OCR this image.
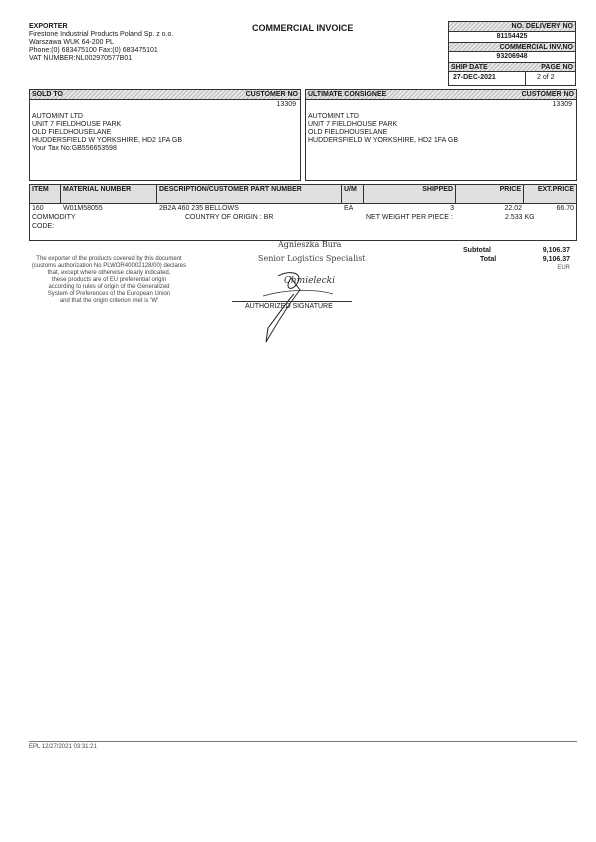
EXPORTER
Firestone Industrial Products Poland Sp. z o.o.
Warszawa WUK 64-200 PL
Phone:(0) 683475100 Fax:(0) 683475101
VAT NUMBER:NL002970577B01
COMMERCIAL INVOICE	NO. DELIVERY NO
81154425
COMMERCIAL INV.NO
93206948
SHIP DATE	PAGE NO
27-DEC-2021	2 of 2
SOLD TO	CUSTOMER NO
13309
AUTOMINT LTD
UNIT 7 FIELDHOUSE PARK
OLD FIELDHOUSELANE
HUDDERSFIELD W YORKSHIRE, HD2 1FA GB
Your Tax No:GB556653598
ULTIMATE CONSIGNEE	CUSTOMER NO
13309
AUTOMINT LTD
UNIT 7 FIELDHOUSE PARK
OLD FIELDHOUSELANE
HUDDERSFIELD W YORKSHIRE, HD2 1FA GB
ITEM	MATERIAL NUMBER	DESCRIPTION/CUSTOMER PART NUMBER	U/M	SHIPPED	PRICE	EXT.PRICE
160	W01M58055	2B2A 460 235 BELLOWS	EA	3	22.02	66.70
COMMODITY
CODE:
COUNTRY OF ORIGIN : BR	NET WEIGHT PER PIECE :	2.533 KG
The exporter of the products covered by this document
(customs authorization No PLWOR40002128/00) declares
that, except where otherwise clearly indicated,
these products are of EU preferential origin
according to rules of origin of the Generalized
System of Preferences of the European Union
and that the origin criterion met is 'W'
Agnieszka Bura
Senior Logistics Specialist
Chmielecki
Subtotal	9,106.37
Total	9,106.37
EUR
AUTHORIZED SIGNATURE
EPL 12/27/2021 03:31:21
